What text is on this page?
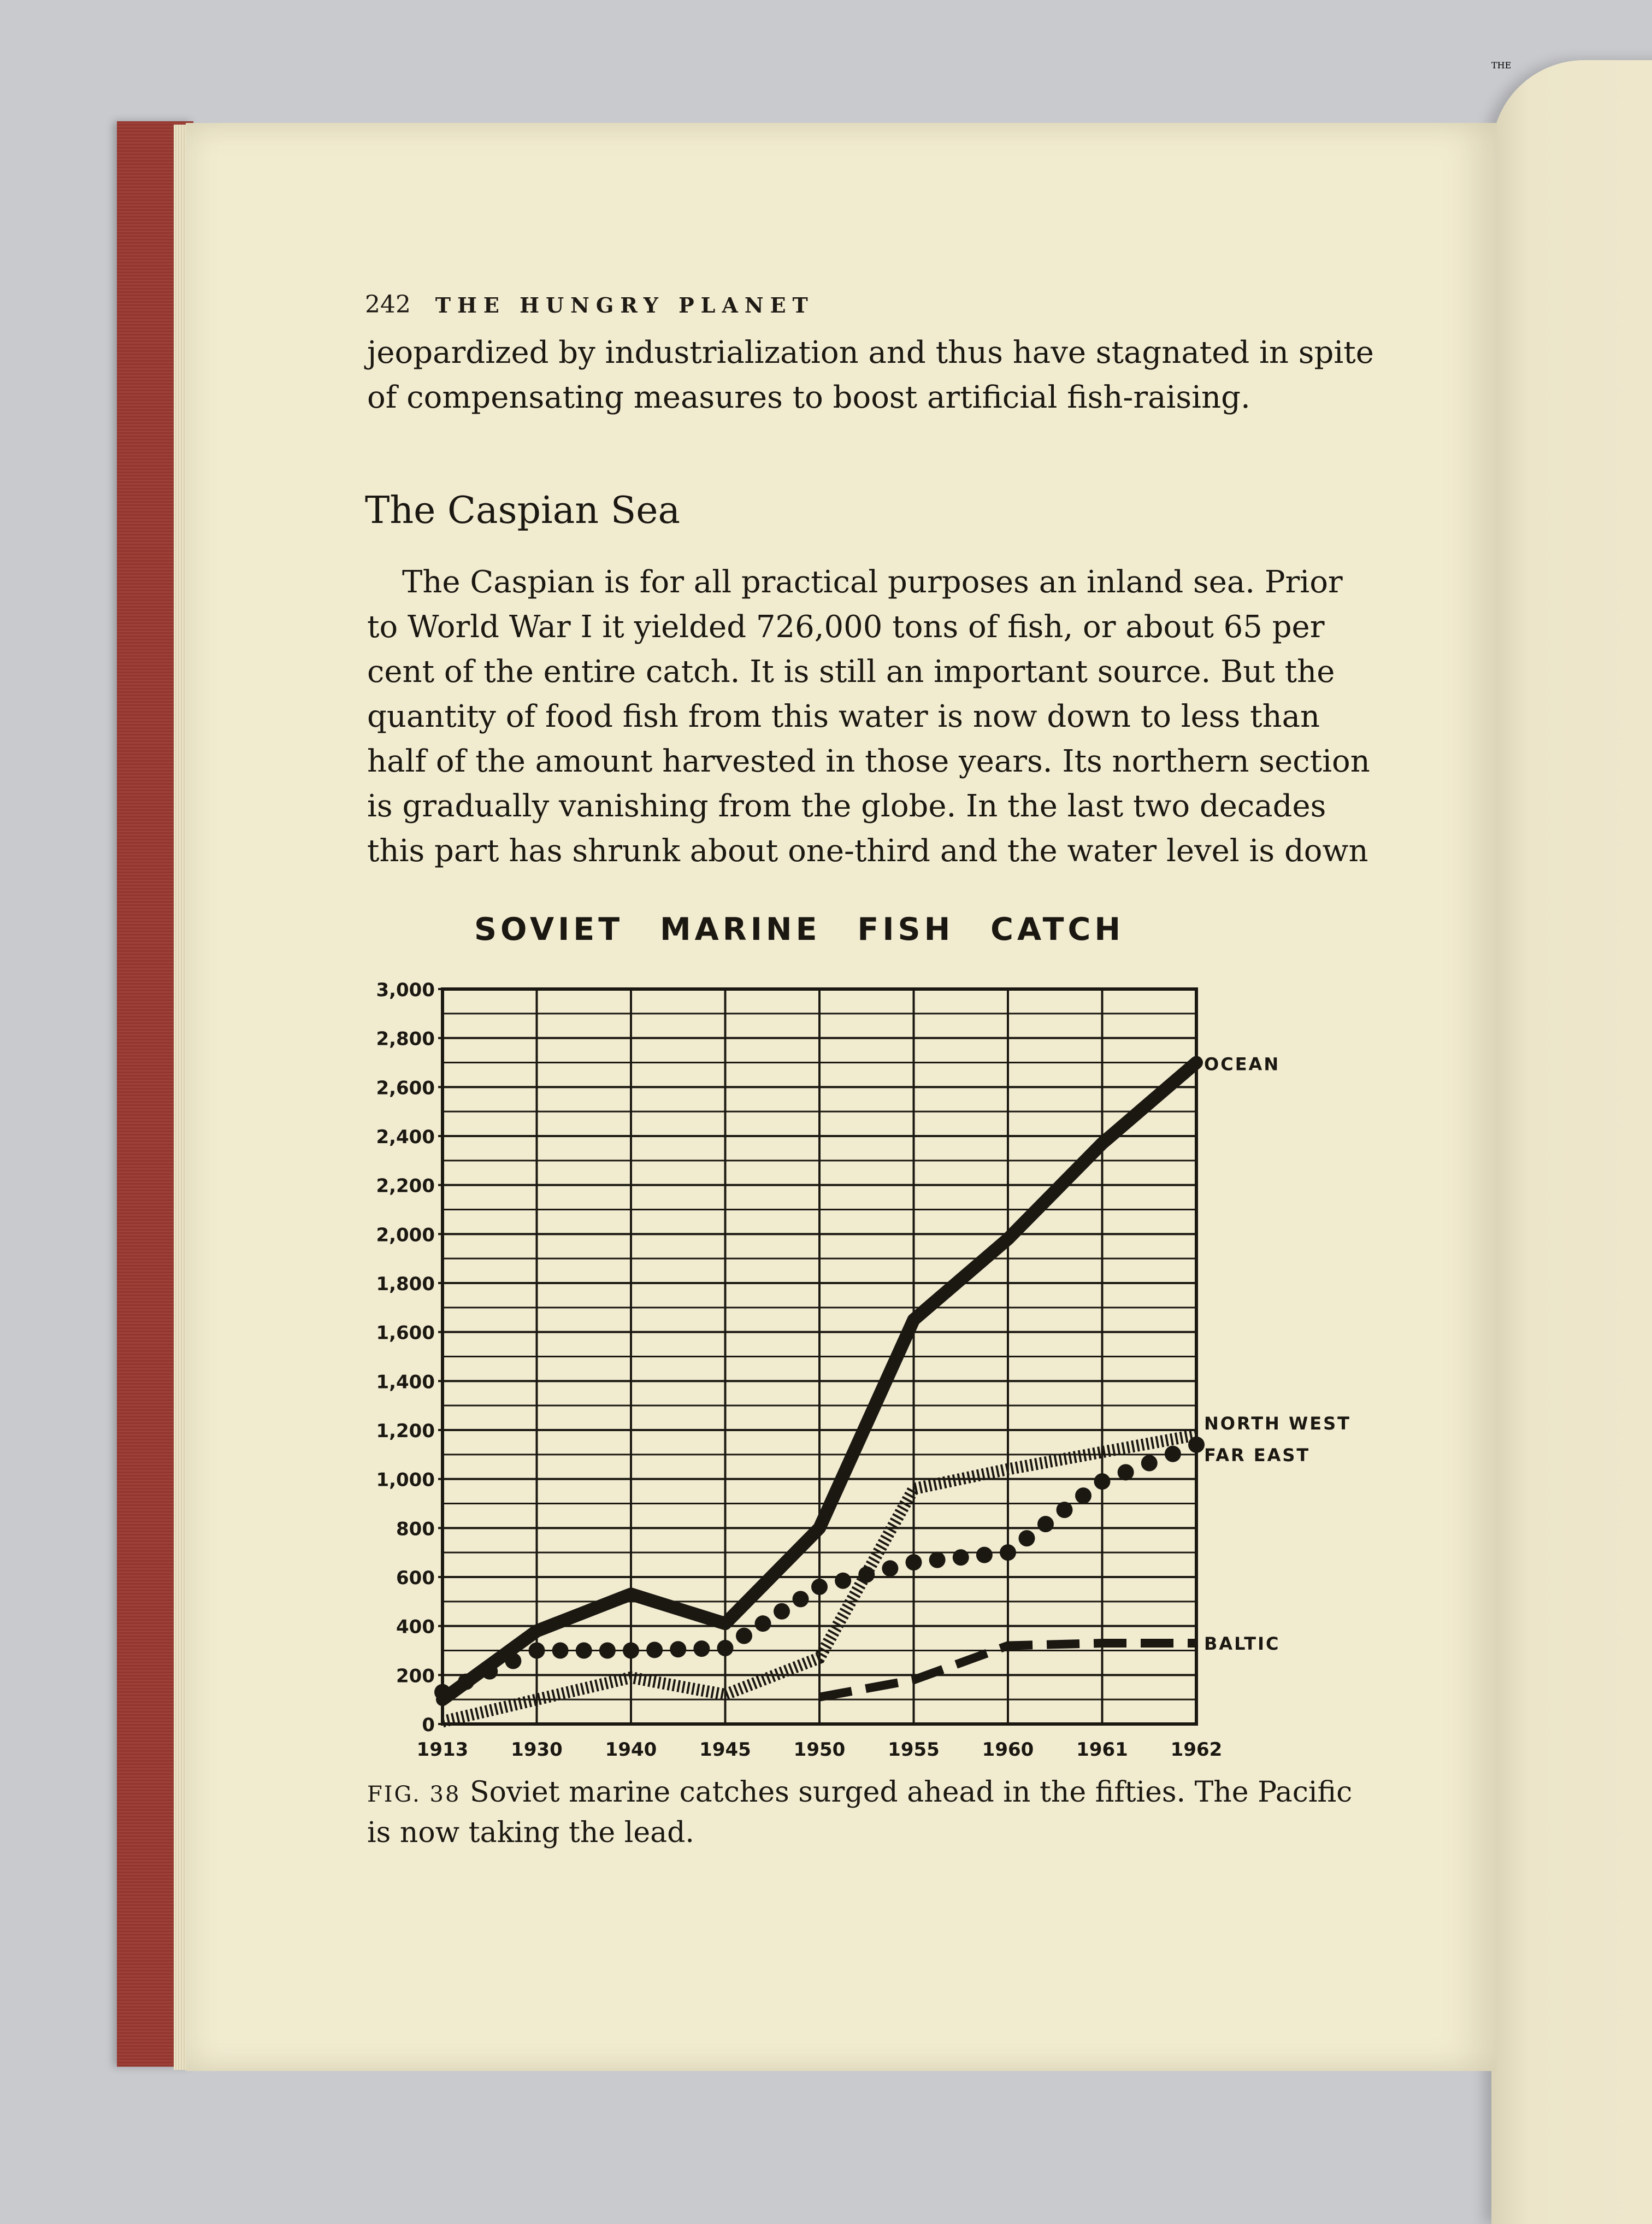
THE
242 THE HUNGRY PLANET
jeopardized by industrialization and thus have stagnated in spite
of compensating measures to boost artificial fish-raising.
The Caspian Sea
The Caspian is for all practical purposes an inland sea. Prior
to World War I it yielded 726,000 tons of fish, or about 65 per
cent of the entire catch. It is still an important source. But the
quantity of food fish from this water is now down to less than
half of the amount harvested in those years. Its northern section
is gradually vanishing from the globe. In the last two decades
this part has shrunk about one-third and the water level is down
SOVIET MARINE FISH CATCH
0
200
400
600
800
1,000
1,200
1,400
1,600
1,800
2,000
2,200
2,400
2,600
2,800
3,000
1913 1930 1940 1945 1950 1955 1960 1961 1962
OCEAN
NORTH WEST
FAR EAST
BALTIC
FIG. 38 Soviet marine catches surged ahead in the fifties. The Pacific
is now taking the lead.
